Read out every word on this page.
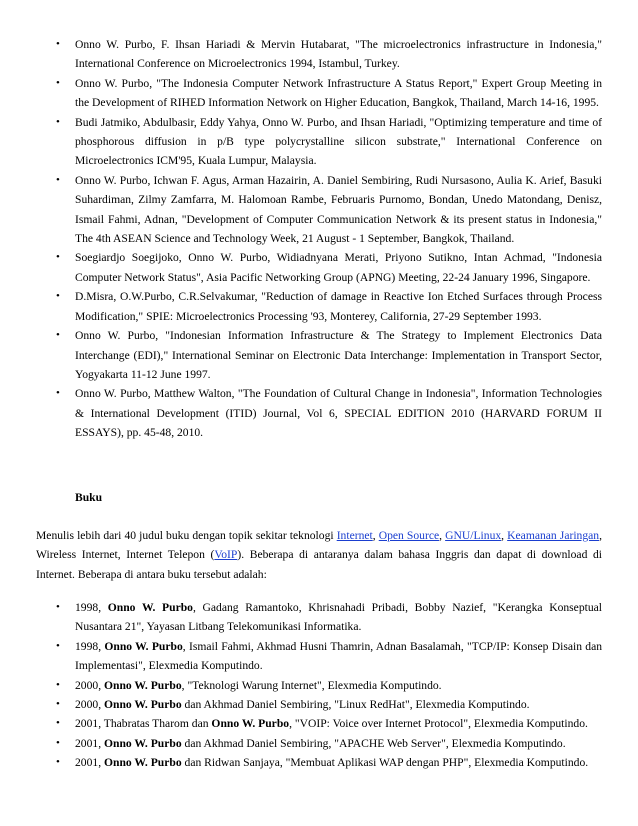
• Onno W. Purbo, F. Ihsan Hariadi & Mervin Hutabarat, "The microelectronics infrastructure in Indonesia," International Conference on Microelectronics 1994, Istambul, Turkey.
• Onno W. Purbo, "The Indonesia Computer Network Infrastructure A Status Report," Expert Group Meeting in the Development of RIHED Information Network on Higher Education, Bangkok, Thailand, March 14-16, 1995.
• Budi Jatmiko, Abdulbasir, Eddy Yahya, Onno W. Purbo, and Ihsan Hariadi, "Optimizing temperature and time of phosphorous diffusion in p/B type polycrystalline silicon substrate," International Conference on Microelectronics ICM'95, Kuala Lumpur, Malaysia.
• Onno W. Purbo, Ichwan F. Agus, Arman Hazairin, A. Daniel Sembiring, Rudi Nursasono, Aulia K. Arief, Basuki Suhardiman, Zilmy Zamfarra, M. Halomoan Rambe, Februaris Purnomo, Bondan, Unedo Matondang, Denisz, Ismail Fahmi, Adnan, "Development of Computer Communication Network & its present status in Indonesia," The 4th ASEAN Science and Technology Week, 21 August - 1 September, Bangkok, Thailand.
• Soegiardjo Soegijoko, Onno W. Purbo, Widiadnyana Merati, Priyono Sutikno, Intan Achmad, "Indonesia Computer Network Status", Asia Pacific Networking Group (APNG) Meeting, 22-24 January 1996, Singapore.
• D.Misra, O.W.Purbo, C.R.Selvakumar, "Reduction of damage in Reactive Ion Etched Surfaces through Process Modification," SPIE: Microelectronics Processing '93, Monterey, California, 27-29 September 1993.
• Onno W. Purbo, "Indonesian Information Infrastructure & The Strategy to Implement Electronics Data Interchange (EDI)," International Seminar on Electronic Data Interchange: Implementation in Transport Sector, Yogyakarta 11-12 June 1997.
• Onno W. Purbo, Matthew Walton, "The Foundation of Cultural Change in Indonesia", Information Technologies & International Development (ITID) Journal, Vol 6, SPECIAL EDITION 2010 (HARVARD FORUM II ESSAYS), pp. 45-48, 2010.
Buku
Menulis lebih dari 40 judul buku dengan topik sekitar teknologi Internet, Open Source, GNU/Linux, Keamanan Jaringan, Wireless Internet, Internet Telepon (VoIP). Beberapa di antaranya dalam bahasa Inggris dan dapat di download di Internet. Beberapa di antara buku tersebut adalah:
• 1998, Onno W. Purbo, Gadang Ramantoko, Khrisnahadi Pribadi, Bobby Nazief, "Kerangka Konseptual Nusantara 21", Yayasan Litbang Telekomunikasi Informatika.
• 1998, Onno W. Purbo, Ismail Fahmi, Akhmad Husni Thamrin, Adnan Basalamah, "TCP/IP: Konsep Disain dan Implementasi", Elexmedia Komputindo.
• 2000, Onno W. Purbo, "Teknologi Warung Internet", Elexmedia Komputindo.
• 2000, Onno W. Purbo dan Akhmad Daniel Sembiring, "Linux RedHat", Elexmedia Komputindo.
• 2001, Thabratas Tharom dan Onno W. Purbo, "VOIP: Voice over Internet Protocol", Elexmedia Komputindo.
• 2001, Onno W. Purbo dan Akhmad Daniel Sembiring, "APACHE Web Server", Elexmedia Komputindo.
• 2001, Onno W. Purbo dan Ridwan Sanjaya, "Membuat Aplikasi WAP dengan PHP", Elexmedia Komputindo.
